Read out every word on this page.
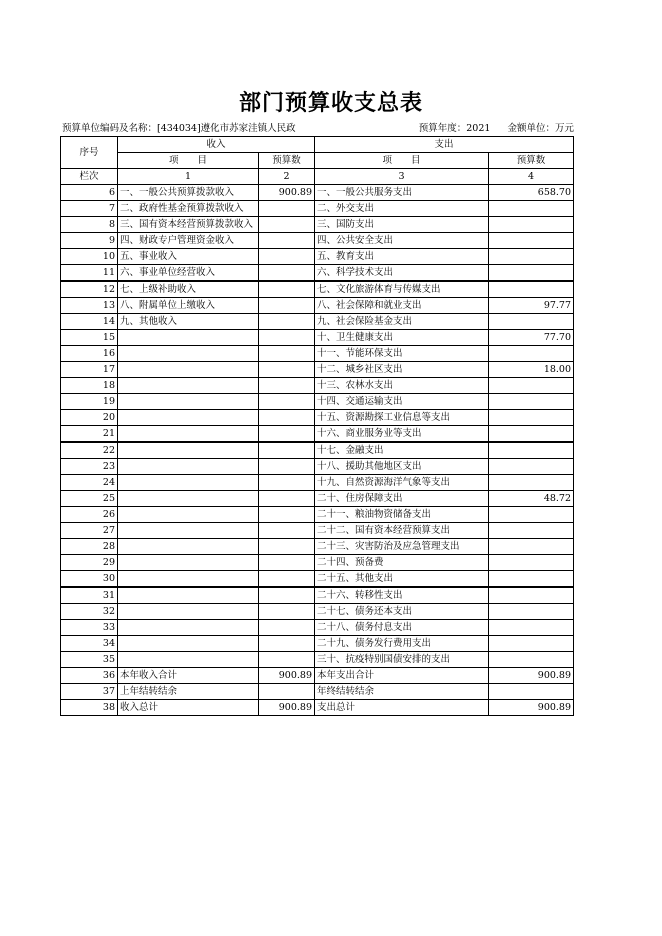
部门预算收支总表
预算单位编码及名称：[434034]遵化市苏家洼镇人民政	预算年度：2021 金额单位：万元
序号	收入		支出	
	项　　目	预算数	项　　目	预算数
栏次	1	2	3	4
6	一、一般公共预算拨款收入	900.89	一、一般公共服务支出	658.70
7	二、政府性基金预算拨款收入		二、外交支出	
8	三、国有资本经营预算拨款收入		三、国防支出	
9	四、财政专户管理资金收入		四、公共安全支出	
10	五、事业收入		五、教育支出	
11	六、事业单位经营收入		六、科学技术支出	
12	七、上级补助收入		七、文化旅游体育与传媒支出	
13	八、附属单位上缴收入		八、社会保障和就业支出	97.77
14	九、其他收入		九、社会保险基金支出	
15			十、卫生健康支出	77.70
16			十一、节能环保支出	
17			十二、城乡社区支出	18.00
18			十三、农林水支出	
19			十四、交通运输支出	
20			十五、资源勘探工业信息等支出	
21			十六、商业服务业等支出	
22			十七、金融支出	
23			十八、援助其他地区支出	
24			十九、自然资源海洋气象等支出	
25			二十、住房保障支出	48.72
26			二十一、粮油物资储备支出	
27			二十二、国有资本经营预算支出	
28			二十三、灾害防治及应急管理支出	
29			二十四、预备费	
30			二十五、其他支出	
31			二十六、转移性支出	
32			二十七、债务还本支出	
33			二十八、债务付息支出	
34			二十九、债务发行费用支出	
35			三十、抗疫特别国债安排的支出	
36	本年收入合计	900.89	本年支出合计	900.89
37	上年结转结余		年终结转结余	
38	收入总计	900.89	支出总计	900.89
